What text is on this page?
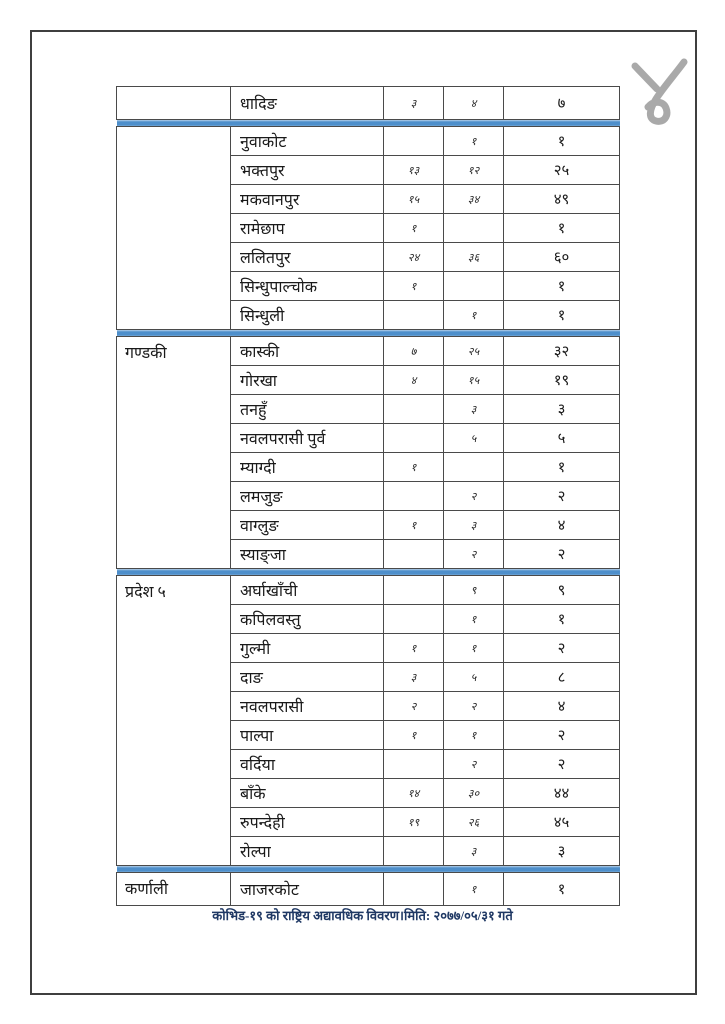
	धादिङ	३	४	७

	नुवाकोट		१	१
	भक्तपुर	१३	१२	२५
	मकवानपुर	१५	३४	४९
	रामेछाप	१		१
	ललितपुर	२४	३६	६०
	सिन्धुपाल्चोक	१		१
	सिन्धुली		१	१

गण्डकी	कास्की	७	२५	३२
	गोरखा	४	१५	१९
	तनहुँ		३	३
	नवलपरासी पुर्व		५	५
	म्याग्दी	१		१
	लमजुङ		२	२
	वाग्लुङ	१	३	४
	स्याङ्जा		२	२

प्रदेश ५	अर्घाखाँची		९	९
	कपिलवस्तु		१	१
	गुल्मी	१	१	२
	दाङ	३	५	८
	नवलपरासी	२	२	४
	पाल्पा	१	१	२
	वर्दिया		२	२
	बाँके	१४	३०	४४
	रुपन्देही	१९	२६	४५
	रोल्पा		३	३

कर्णाली	जाजरकोट		१	१
कोभिड-१९ को राष्ट्रिय अद्यावधिक विवरण।मिति: २०७७/०५/३१ गते
